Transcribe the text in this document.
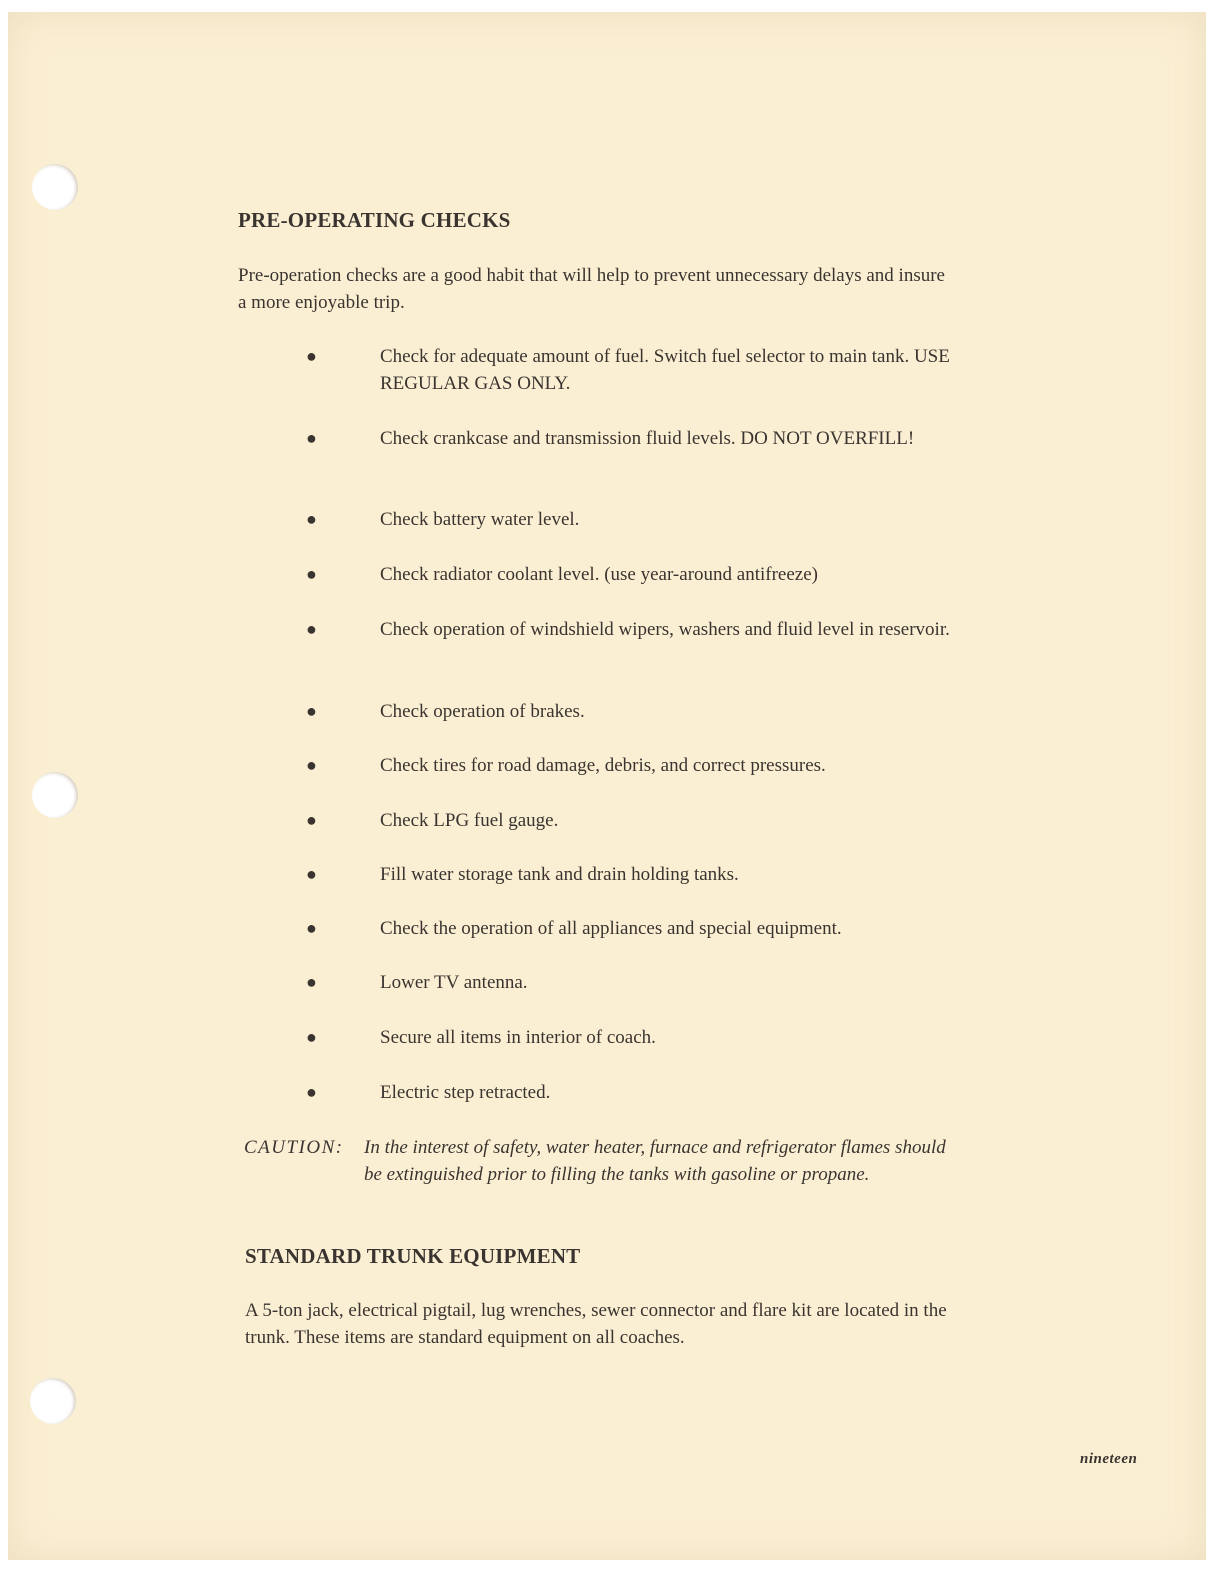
PRE-OPERATING CHECKS

Pre-operation checks are a good habit that will help to prevent unnecessary delays and insure a more enjoyable trip.

●	Check for adequate amount of fuel. Switch fuel selector to main tank. USE REGULAR GAS ONLY.
●	Check crankcase and transmission fluid levels. DO NOT OVERFILL!
●	Check battery water level.
●	Check radiator coolant level. (use year-around antifreeze)
●	Check operation of windshield wipers, washers and fluid level in reservoir.
●	Check operation of brakes.
●	Check tires for road damage, debris, and correct pressures.
●	Check LPG fuel gauge.
●	Fill water storage tank and drain holding tanks.
●	Check the operation of all appliances and special equipment.
●	Lower TV antenna.
●	Secure all items in interior of coach.
●	Electric step retracted.
CAUTION: In the interest of safety, water heater, furnace and refrigerator flames should be extinguished prior to filling the tanks with gasoline or propane.
STANDARD TRUNK EQUIPMENT

A 5-ton jack, electrical pigtail, lug wrenches, sewer connector and flare kit are located in the trunk. These items are standard equipment on all coaches.

nineteen
